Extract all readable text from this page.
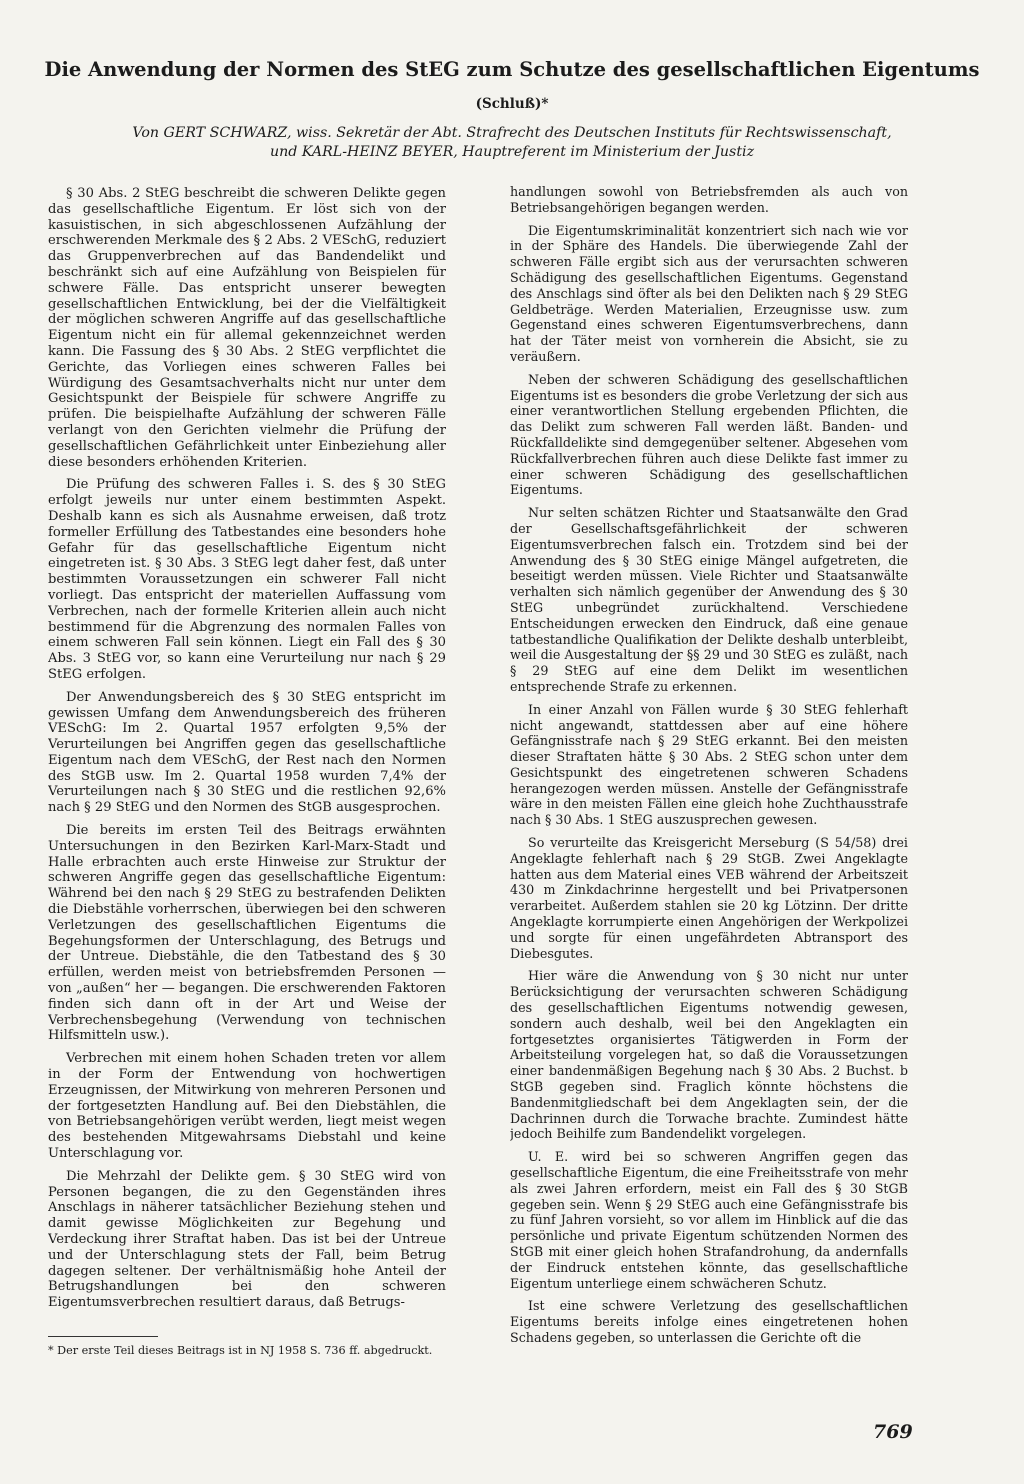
Die Anwendung der Normen des StEG zum Schutze des gesellschaftlichen Eigentums
(Schluß)*
Von GERT SCHWARZ, wiss. Sekretär der Abt. Strafrecht des Deutschen Instituts für Rechtswissenschaft,
und KARL-HEINZ BEYER, Hauptreferent im Ministerium der Justiz

§ 30 Abs. 2 StEG beschreibt die schweren Delikte gegen das gesellschaftliche Eigentum. Er löst sich von der kasuistischen, in sich abgeschlossenen Aufzählung der erschwerenden Merkmale des § 2 Abs. 2 VESchG, reduziert das Gruppenverbrechen auf das Bandendelikt und beschränkt sich auf eine Aufzählung von Beispielen für schwere Fälle. Das entspricht unserer bewegten gesellschaftlichen Entwicklung, bei der die Vielfältigkeit der möglichen schweren Angriffe auf das gesellschaftliche Eigentum nicht ein für allemal gekennzeichnet werden kann. Die Fassung des § 30 Abs. 2 StEG verpflichtet die Gerichte, das Vorliegen eines schweren Falles bei Würdigung des Gesamtsachverhalts nicht nur unter dem Gesichtspunkt der Beispiele für schwere Angriffe zu prüfen. Die beispielhafte Aufzählung der schweren Fälle verlangt von den Gerichten vielmehr die Prüfung der gesellschaftlichen Gefährlichkeit unter Einbeziehung aller diese besonders erhöhenden Kriterien.

Die Prüfung des schweren Falles i. S. des § 30 StEG erfolgt jeweils nur unter einem bestimmten Aspekt. Deshalb kann es sich als Ausnahme erweisen, daß trotz formeller Erfüllung des Tatbestandes eine besonders hohe Gefahr für das gesellschaftliche Eigentum nicht eingetreten ist. § 30 Abs. 3 StEG legt daher fest, daß unter bestimmten Voraussetzungen ein schwerer Fall nicht vorliegt. Das entspricht der materiellen Auffassung vom Verbrechen, nach der formelle Kriterien allein auch nicht bestimmend für die Abgrenzung des normalen Falles von einem schweren Fall sein können. Liegt ein Fall des § 30 Abs. 3 StEG vor, so kann eine Verurteilung nur nach § 29 StEG erfolgen.

Der Anwendungsbereich des § 30 StEG entspricht im gewissen Umfang dem Anwendungsbereich des früheren VESchG: Im 2. Quartal 1957 erfolgten 9,5% der Verurteilungen bei Angriffen gegen das gesellschaftliche Eigentum nach dem VESchG, der Rest nach den Normen des StGB usw. Im 2. Quartal 1958 wurden 7,4% der Verurteilungen nach § 30 StEG und die restlichen 92,6% nach § 29 StEG und den Normen des StGB ausgesprochen.

Die bereits im ersten Teil des Beitrags erwähnten Untersuchungen in den Bezirken Karl-Marx-Stadt und Halle erbrachten auch erste Hinweise zur Struktur der schweren Angriffe gegen das gesellschaftliche Eigentum: Während bei den nach § 29 StEG zu bestrafenden Delikten die Diebstähle vorherrschen, überwiegen bei den schweren Verletzungen des gesellschaftlichen Eigentums die Begehungsformen der Unterschlagung, des Betrugs und der Untreue. Diebstähle, die den Tatbestand des § 30 erfüllen, werden meist von betriebsfremden Personen — von „außen“ her — begangen. Die erschwerenden Faktoren finden sich dann oft in der Art und Weise der Verbrechensbegehung (Verwendung von technischen Hilfsmitteln usw.).

Verbrechen mit einem hohen Schaden treten vor allem in der Form der Entwendung von hochwertigen Erzeugnissen, der Mitwirkung von mehreren Personen und der fortgesetzten Handlung auf. Bei den Diebstählen, die von Betriebsangehörigen verübt werden, liegt meist wegen des bestehenden Mitgewahrsams Diebstahl und keine Unterschlagung vor.

Die Mehrzahl der Delikte gem. § 30 StEG wird von Personen begangen, die zu den Gegenständen ihres Anschlags in näherer tatsächlicher Beziehung stehen und damit gewisse Möglichkeiten zur Begehung und Verdeckung ihrer Straftat haben. Das ist bei der Untreue und der Unterschlagung stets der Fall, beim Betrug dagegen seltener. Der verhältnismäßig hohe Anteil der Betrugshandlungen bei den schweren Eigentumsverbrechen resultiert daraus, daß Betrugs-

handlungen sowohl von Betriebsfremden als auch von Betriebsangehörigen begangen werden.

Die Eigentumskriminalität konzentriert sich nach wie vor in der Sphäre des Handels. Die überwiegende Zahl der schweren Fälle ergibt sich aus der verursachten schweren Schädigung des gesellschaftlichen Eigentums. Gegenstand des Anschlags sind öfter als bei den Delikten nach § 29 StEG Geldbeträge. Werden Materialien, Erzeugnisse usw. zum Gegenstand eines schweren Eigentumsverbrechens, dann hat der Täter meist von vornherein die Absicht, sie zu veräußern.

Neben der schweren Schädigung des gesellschaftlichen Eigentums ist es besonders die grobe Verletzung der sich aus einer verantwortlichen Stellung ergebenden Pflichten, die das Delikt zum schweren Fall werden läßt. Banden- und Rückfalldelikte sind demgegenüber seltener. Abgesehen vom Rückfallverbrechen führen auch diese Delikte fast immer zu einer schweren Schädigung des gesellschaftlichen Eigentums.

Nur selten schätzen Richter und Staatsanwälte den Grad der Gesellschaftsgefährlichkeit der schweren Eigentumsverbrechen falsch ein. Trotzdem sind bei der Anwendung des § 30 StEG einige Mängel aufgetreten, die beseitigt werden müssen. Viele Richter und Staatsanwälte verhalten sich nämlich gegenüber der Anwendung des § 30 StEG unbegründet zurückhaltend. Verschiedene Entscheidungen erwecken den Eindruck, daß eine genaue tatbestandliche Qualifikation der Delikte deshalb unterbleibt, weil die Ausgestaltung der §§ 29 und 30 StEG es zuläßt, nach § 29 StEG auf eine dem Delikt im wesentlichen entsprechende Strafe zu erkennen.

In einer Anzahl von Fällen wurde § 30 StEG fehlerhaft nicht angewandt, stattdessen aber auf eine höhere Gefängnisstrafe nach § 29 StEG erkannt. Bei den meisten dieser Straftaten hätte § 30 Abs. 2 StEG schon unter dem Gesichtspunkt des eingetretenen schweren Schadens herangezogen werden müssen. Anstelle der Gefängnisstrafe wäre in den meisten Fällen eine gleich hohe Zuchthausstrafe nach § 30 Abs. 1 StEG auszusprechen gewesen.

So verurteilte das Kreisgericht Merseburg (S 54/58) drei Angeklagte fehlerhaft nach § 29 StGB. Zwei Angeklagte hatten aus dem Material eines VEB während der Arbeitszeit 430 m Zinkdachrinne hergestellt und bei Privatpersonen verarbeitet. Außerdem stahlen sie 20 kg Lötzinn. Der dritte Angeklagte korrumpierte einen Angehörigen der Werkpolizei und sorgte für einen ungefährdeten Abtransport des Diebesgutes.

Hier wäre die Anwendung von § 30 nicht nur unter Berücksichtigung der verursachten schweren Schädigung des gesellschaftlichen Eigentums notwendig gewesen, sondern auch deshalb, weil bei den Angeklagten ein fortgesetztes organisiertes Tätigwerden in Form der Arbeitsteilung vorgelegen hat, so daß die Voraussetzungen einer bandenmäßigen Begehung nach § 30 Abs. 2 Buchst. b StGB gegeben sind. Fraglich könnte höchstens die Bandenmitgliedschaft bei dem Angeklagten sein, der die Dachrinnen durch die Torwache brachte. Zumindest hätte jedoch Beihilfe zum Bandendelikt vorgelegen.

U. E. wird bei so schweren Angriffen gegen das gesellschaftliche Eigentum, die eine Freiheitsstrafe von mehr als zwei Jahren erfordern, meist ein Fall des § 30 StGB gegeben sein. Wenn § 29 StEG auch eine Gefängnisstrafe bis zu fünf Jahren vorsieht, so vor allem im Hinblick auf die das persönliche und private Eigentum schützenden Normen des StGB mit einer gleich hohen Strafandrohung, da andernfalls der Eindruck entstehen könnte, das gesellschaftliche Eigentum unterliege einem schwächeren Schutz.

Ist eine schwere Verletzung des gesellschaftlichen Eigentums bereits infolge eines eingetretenen hohen Schadens gegeben, so unterlassen die Gerichte oft die

* Der erste Teil dieses Beitrags ist in NJ 1958 S. 736 ff. abgedruckt.
769
